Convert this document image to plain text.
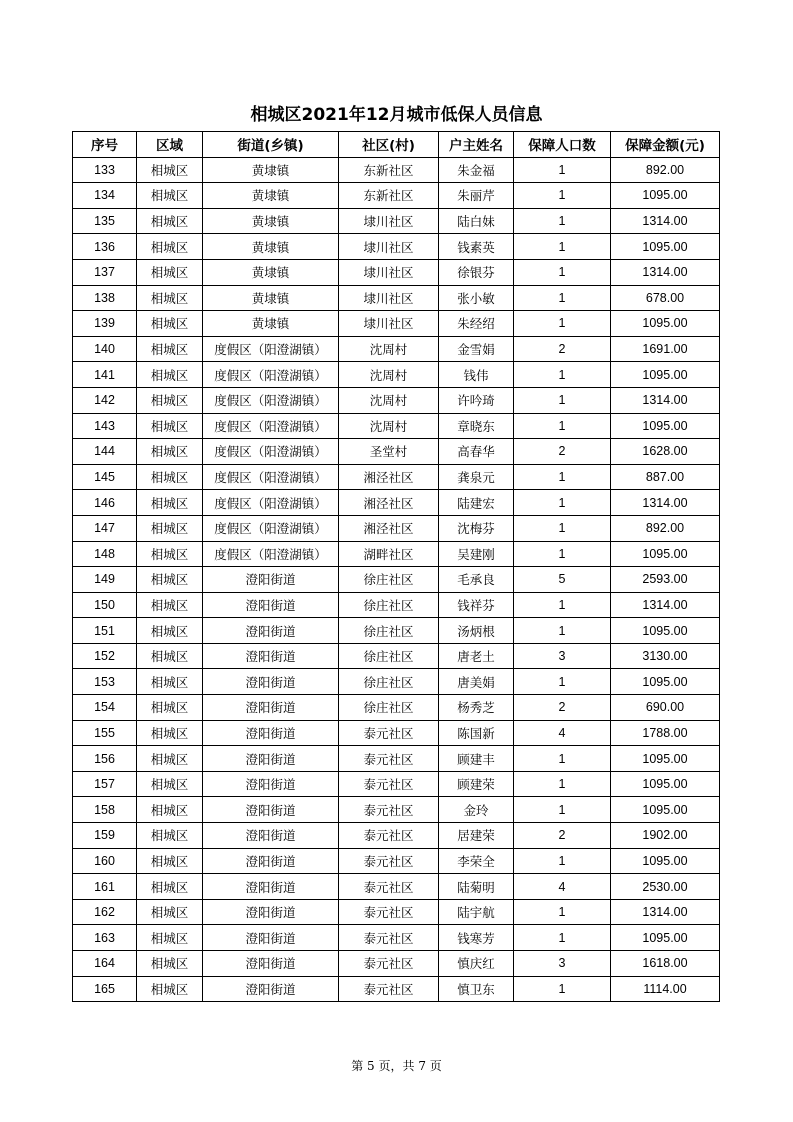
相城区2021年12月城市低保人员信息
序号	区域	街道(乡镇)	社区(村)	户主姓名	保障人口数	保障金额(元)
133	相城区	黄埭镇	东新社区	朱金福	1	892.00
134	相城区	黄埭镇	东新社区	朱丽芹	1	1095.00
135	相城区	黄埭镇	埭川社区	陆白妹	1	1314.00
136	相城区	黄埭镇	埭川社区	钱素英	1	1095.00
137	相城区	黄埭镇	埭川社区	徐银芬	1	1314.00
138	相城区	黄埭镇	埭川社区	张小敏	1	678.00
139	相城区	黄埭镇	埭川社区	朱经绍	1	1095.00
140	相城区	度假区（阳澄湖镇）	沈周村	金雪娟	2	1691.00
141	相城区	度假区（阳澄湖镇）	沈周村	钱伟	1	1095.00
142	相城区	度假区（阳澄湖镇）	沈周村	许吟琦	1	1314.00
143	相城区	度假区（阳澄湖镇）	沈周村	章晓东	1	1095.00
144	相城区	度假区（阳澄湖镇）	圣堂村	高春华	2	1628.00
145	相城区	度假区（阳澄湖镇）	湘泾社区	龚泉元	1	887.00
146	相城区	度假区（阳澄湖镇）	湘泾社区	陆建宏	1	1314.00
147	相城区	度假区（阳澄湖镇）	湘泾社区	沈梅芬	1	892.00
148	相城区	度假区（阳澄湖镇）	湖畔社区	吴建刚	1	1095.00
149	相城区	澄阳街道	徐庄社区	毛承良	5	2593.00
150	相城区	澄阳街道	徐庄社区	钱祥芬	1	1314.00
151	相城区	澄阳街道	徐庄社区	汤炳根	1	1095.00
152	相城区	澄阳街道	徐庄社区	唐老土	3	3130.00
153	相城区	澄阳街道	徐庄社区	唐美娟	1	1095.00
154	相城区	澄阳街道	徐庄社区	杨秀芝	2	690.00
155	相城区	澄阳街道	泰元社区	陈国新	4	1788.00
156	相城区	澄阳街道	泰元社区	顾建丰	1	1095.00
157	相城区	澄阳街道	泰元社区	顾建荣	1	1095.00
158	相城区	澄阳街道	泰元社区	金玲	1	1095.00
159	相城区	澄阳街道	泰元社区	居建荣	2	1902.00
160	相城区	澄阳街道	泰元社区	李荣全	1	1095.00
161	相城区	澄阳街道	泰元社区	陆菊明	4	2530.00
162	相城区	澄阳街道	泰元社区	陆宇航	1	1314.00
163	相城区	澄阳街道	泰元社区	钱寒芳	1	1095.00
164	相城区	澄阳街道	泰元社区	慎庆红	3	1618.00
165	相城区	澄阳街道	泰元社区	慎卫东	1	1114.00
第 5 页，共 7 页
